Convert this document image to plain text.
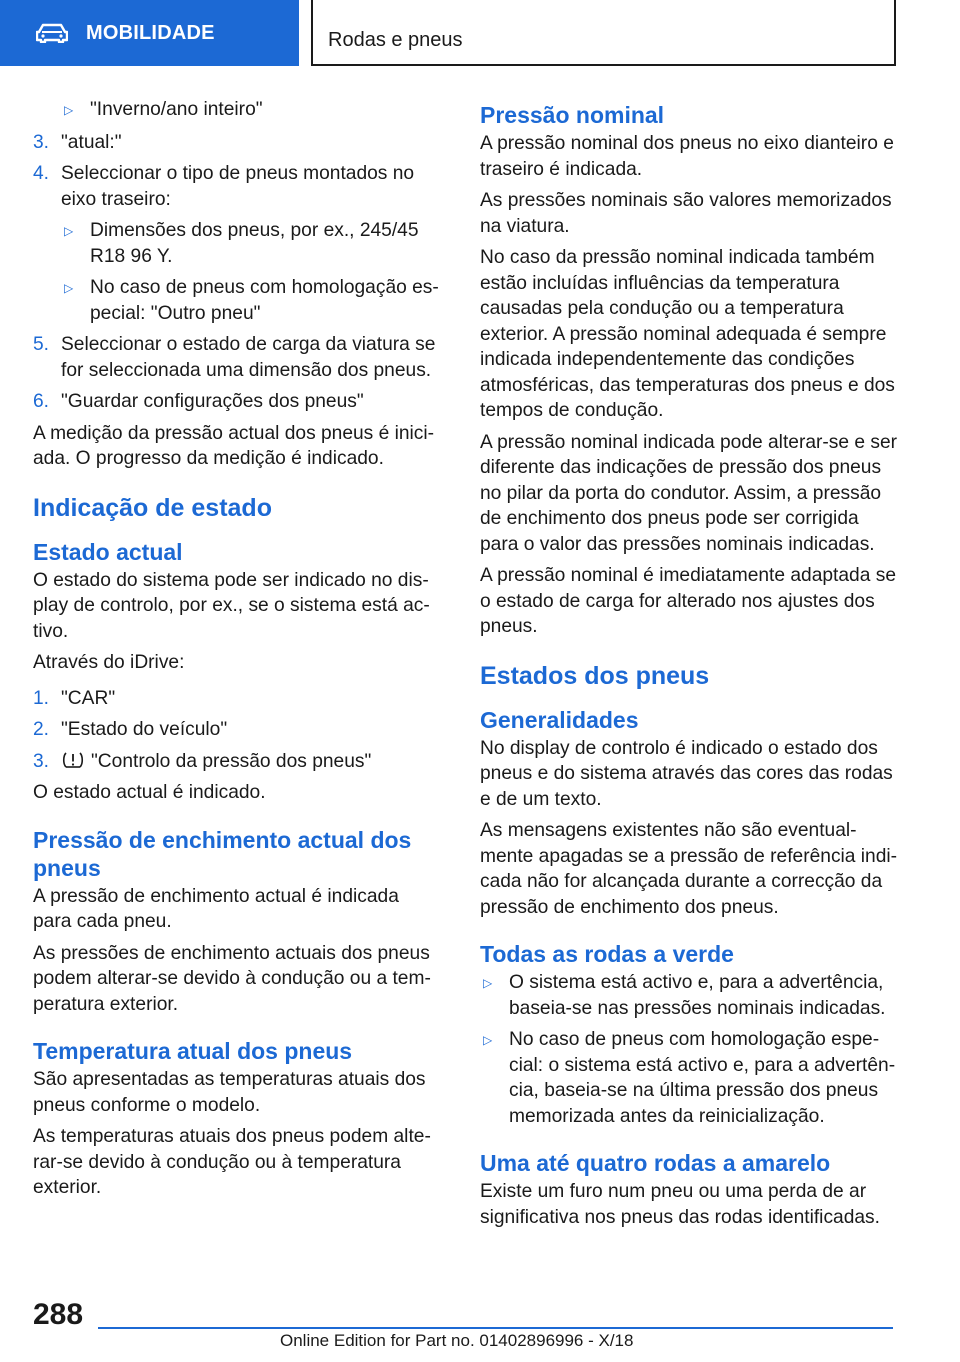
MOBILIDADE	Rodas e pneus
▷ "Inverno/ano inteiro"
3. "atual:"
4. Seleccionar o tipo de pneus montados no eixo traseiro:
▷ Dimensões dos pneus, por ex., 245/45 R18 96 Y.
▷ No caso de pneus com homologação especial: "Outro pneu"
5. Seleccionar o estado de carga da viatura se for seleccionada uma dimensão dos pneus.
6. "Guardar configurações dos pneus"
A medição da pressão actual dos pneus é iniciada. O progresso da medição é indicado.
Indicação de estado
Estado actual
O estado do sistema pode ser indicado no display de controlo, por ex., se o sistema está activo.
Através do iDrive:
1. "CAR"
2. "Estado do veículo"
3.	"Controlo da pressão dos pneus"
O estado actual é indicado.
Pressão de enchimento actual dos pneus
A pressão de enchimento actual é indicada para cada pneu.
As pressões de enchimento actuais dos pneus podem alterar-se devido à condução ou a temperatura exterior.
Temperatura atual dos pneus
São apresentadas as temperaturas atuais dos pneus conforme o modelo.
As temperaturas atuais dos pneus podem alterar-se devido à condução ou à temperatura exterior.
Pressão nominal
A pressão nominal dos pneus no eixo dianteiro e traseiro é indicada.
As pressões nominais são valores memorizados na viatura.
No caso da pressão nominal indicada também estão incluídas influências da temperatura causadas pela condução ou a temperatura exterior. A pressão nominal adequada é sempre indicada independentemente das condições atmosféricas, das temperaturas dos pneus e dos tempos de condução.
A pressão nominal indicada pode alterar-se e ser diferente das indicações de pressão dos pneus no pilar da porta do condutor. Assim, a pressão de enchimento dos pneus pode ser corrigida para o valor das pressões nominais indicadas.
A pressão nominal é imediatamente adaptada se o estado de carga for alterado nos ajustes dos pneus.
Estados dos pneus
Generalidades
No display de controlo é indicado o estado dos pneus e do sistema através das cores das rodas e de um texto.
As mensagens existentes não são eventualmente apagadas se a pressão de referência indicada não for alcançada durante a correcção da pressão de enchimento dos pneus.
Todas as rodas a verde
▷ O sistema está activo e, para a advertência, baseia-se nas pressões nominais indicadas.
▷ No caso de pneus com homologação especial: o sistema está activo e, para a advertência, baseia-se na última pressão dos pneus memorizada antes da reinicialização.
Uma até quatro rodas a amarelo
Existe um furo num pneu ou uma perda de ar significativa nos pneus das rodas identificadas.
288
Online Edition for Part no. 01402896996 - X/18
